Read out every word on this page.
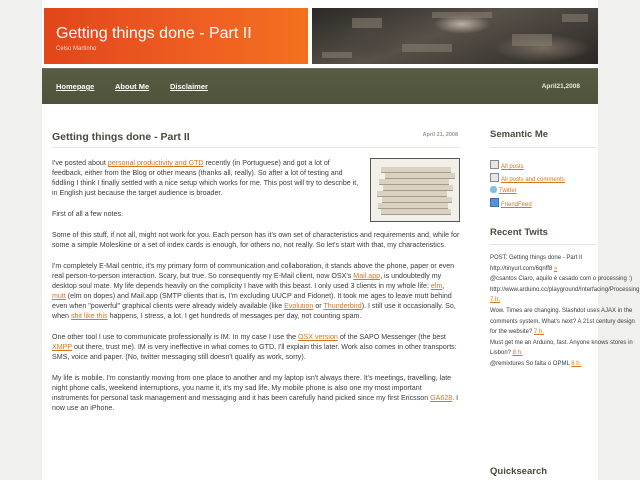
Getting things done - Part II
Celso Martinho
Homepage	About Me	Disclaimer	April21,2008
Getting things done - Part II	April 21, 2008

I've posted about personal productivity and GTD recently (in Portuguese) and got a lot of feedback, either from the Blog or other means (thanks all, really). So after a lot of testing and fiddling I think I finally settled with a nice setup which works for me. This post will try to describe it, in English just because the target audience is broader.

First of all a few notes.

Some of this stuff, if not all, might not work for you. Each person has it's own set of characteristics and requirements and, while for some a simple Moleskine or a set of index cards is enough, for others no, not really. So let's start with that, my characteristics.

I'm completely E-Mail centric, it's my primary form of communication and collaboration, it stands above the phone, paper or even real person-to-person interaction. Scary, but true. So consequently my E-Mail client, now OSX's Mail.app, is undoubtedly my desktop soul mate. My life depends heavily on the complicity I have with this beast. I only used 3 clients in my whole life: elm, mutt (elm on dopes) and Mail.app (SMTP clients that is, I'm excluding UUCP and Fidonet). It took me ages to leave mutt behind even when "powerful" graphical clients were already widely available (like Evolution or Thunderbird). I still use it occasionally. So, when shit like this happens, I stress, a lot. I get hundreds of messages per day, not counting spam.

One other tool I use to communicate professionally is IM. In my case I use the OSX version of the SAPO Messenger (the best XMPP out there, trust me). IM is very ineffective in what comes to GTD, I'll explain this later. Work also comes in other transports: SMS, voice and paper. (No, twitter messaging still doesn't qualify as work, sorry).

My life is mobile. I'm constantly moving from one place to another and my laptop isn't always there. It's meetings, travelling, late night phone calls, weekend interruptions, you name it, it's my sad life. My mobile phone is also one my most important instruments for personal task management and messaging and it has been carefully hand picked since my first Ericsson GA628. I now use an iPhone.

Semantic Me
All posts
All posts and comments
Twitter
FriendFeed
Recent Twits

POST: Getting things done - Part II http://tinyurl.com/6qnff8 »

@csantos Claro, aquilo é casado com o processing :) http://www.arduino.cc/playground/Interfacing/Processing 7 h.

Wow. Times are changing. Slashdot uses AJAX in the comments system. What's next? A 21st century design for the website? 7 h.

Must get me an Arduino, fast. Anyone knows stores in Lisbon? 8 h.

@remixtures So falta o OPML 8 h.

Quicksearch
